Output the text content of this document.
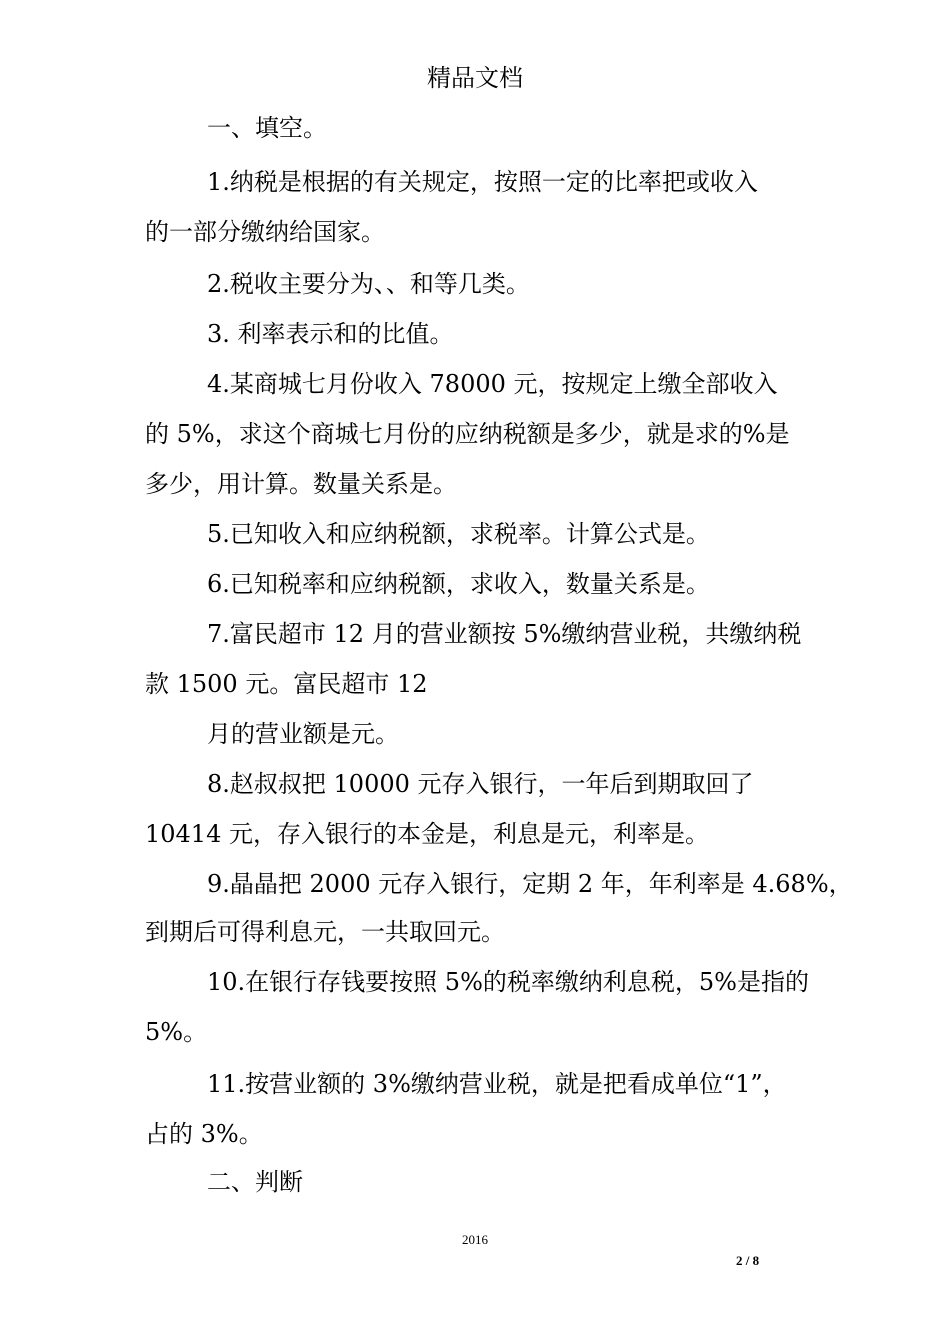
精品文档
一、填空。
1.纳税是根据的有关规定，按照一定的比率把或收入
的一部分缴纳给国家。
2.税收主要分为、、和等几类。
3. 利率表示和的比值。
4.某商城七月份收入 78000 元，按规定上缴全部收入
的 5%，求这个商城七月份的应纳税额是多少，就是求的%是
多少，用计算。数量关系是。
5.已知收入和应纳税额，求税率。计算公式是。
6.已知税率和应纳税额，求收入，数量关系是。
7.富民超市 12 月的营业额按 5%缴纳营业税，共缴纳税
款 1500 元。富民超市 12
月的营业额是元。
8.赵叔叔把 10000 元存入银行，一年后到期取回了
10414 元，存入银行的本金是，利息是元，利率是。
9.晶晶把 2000 元存入银行，定期 2 年，年利率是 4.68%，
到期后可得利息元，一共取回元。
10.在银行存钱要按照 5%的税率缴纳利息税，5%是指的
5%。
11.按营业额的 3%缴纳营业税，就是把看成单位“1”，
占的 3%。
二、判断
2016
2 / 8
